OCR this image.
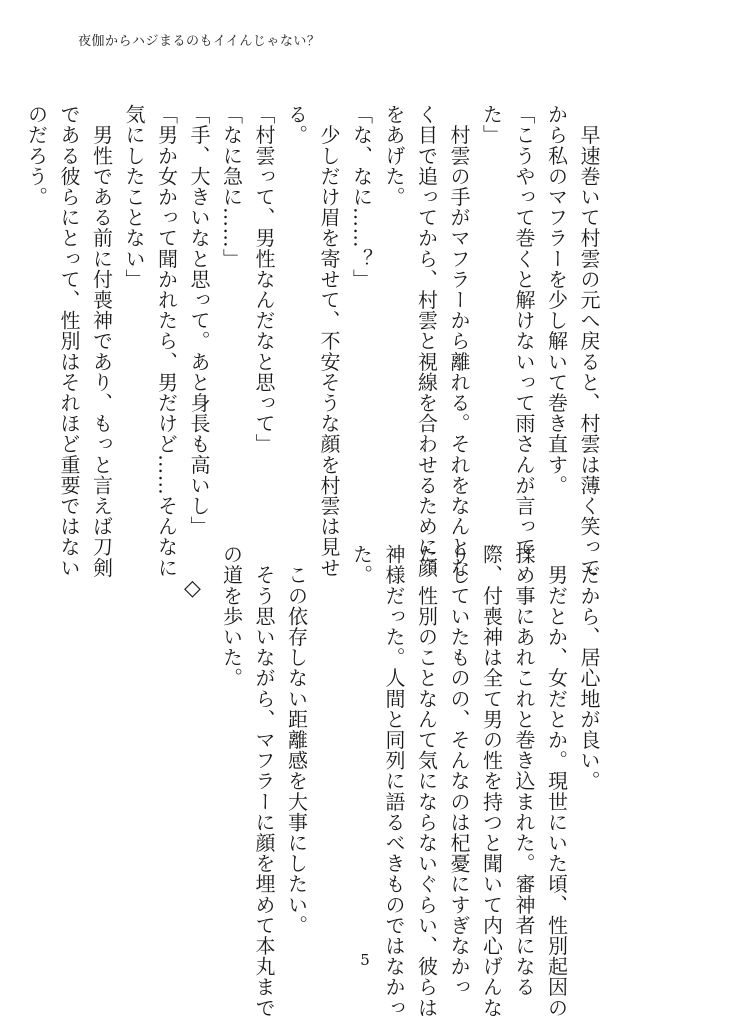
夜伽からハジまるのもイイんじゃない？
　早速巻いて村雲の元へ戻ると、村雲は薄く笑って
から私のマフラーを少し解いて巻き直す。
「こうやって巻くと解けないって雨さんが言って
た」
　村雲の手がマフラーから離れる。それをなんとな
く目で追ってから、村雲と視線を合わせるために顔
をあげた。
「な、なに……？」
　少しだけ眉を寄せて、不安そうな顔を村雲は見せ
る。
「村雲って、男性なんだなと思って」
「なに急に……」
「手、大きいなと思って。あと身長も高いし」
「男か女かって聞かれたら、男だけど……そんなに
気にしたことない」
　男性である前に付喪神であり、もっと言えば刀剣
である彼らにとって、性別はそれほど重要ではない
のだろう。
　だから、居心地が良い。
　男だとか、女だとか。現世にいた頃、性別起因の
揉め事にあれこれと巻き込まれた。審神者になる
際、付喪神は全て男の性を持つと聞いて内心げんな
りしていたものの、そんなのは杞憂にすぎなかっ
た。性別のことなんて気にならないぐらい、彼らは
神様だった。人間と同列に語るべきものではなかっ
た。

　この依存しない距離感を大事にしたい。
　そう思いながら、マフラーに顔を埋めて本丸まで
の道を歩いた。
◇
5
